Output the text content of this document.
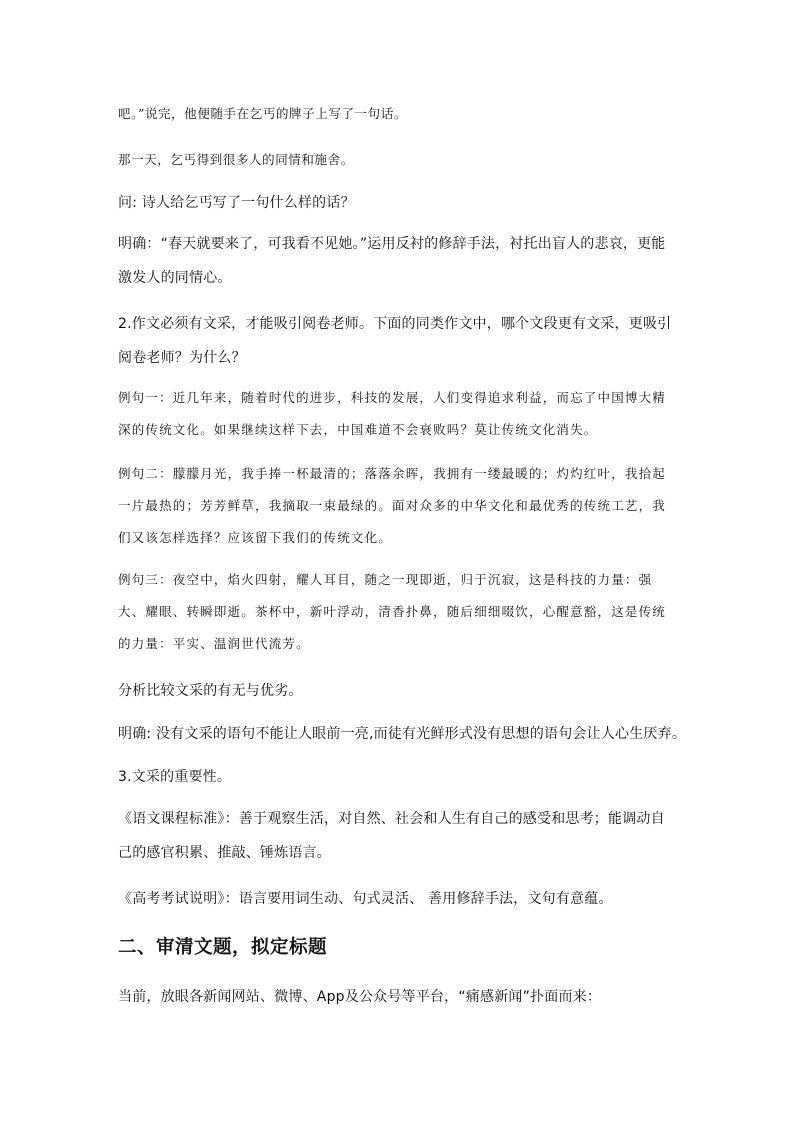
吧。”说完，他便随手在乞丐的牌子上写了一句话。
那一天，乞丐得到很多人的同情和施舍。
问: 诗人给乞丐写了一句什么样的话？
明确：“春天就要来了，可我看不见她。”运用反衬的修辞手法，衬托出盲人的悲哀，更能激发人的同情心。
2.作文必须有文采，才能吸引阅卷老师。下面的同类作文中，哪个文段更有文采，更吸引阅卷老师？为什么？
例句一：近几年来，随着时代的进步，科技的发展，人们变得追求利益，而忘了中国博大精深的传统文化。如果继续这样下去，中国难道不会衰败吗？莫让传统文化消失。
例句二：朦朦月光，我手捧一杯最清的；落落余晖，我拥有一缕最暖的；灼灼红叶，我拾起一片最热的；芳芳鲜草，我摘取一束最绿的。面对众多的中华文化和最优秀的传统工艺，我们又该怎样选择？应该留下我们的传统文化。
例句三：夜空中，焰火四射，耀人耳目，随之一现即逝，归于沉寂，这是科技的力量：强大、耀眼、转瞬即逝。茶杯中，新叶浮动，清香扑鼻，随后细细啜饮，心醒意豁，这是传统的力量：平实、温润世代流芳。
分析比较文采的有无与优劣。
明确: 没有文采的语句不能让人眼前一亮,而徒有光鲜形式没有思想的语句会让人心生厌弃。
3.文采的重要性。
《语文课程标准》：善于观察生活，对自然、社会和人生有自己的感受和思考；能调动自己的感官积累、推敲、锤炼语言。
《高考考试说明》：语言要用词生动、句式灵活、 善用修辞手法，文句有意蕴。
二、审清文题，拟定标题
当前，放眼各新闻网站、微博、App及公众号等平台，“痛感新闻”扑面而来：
